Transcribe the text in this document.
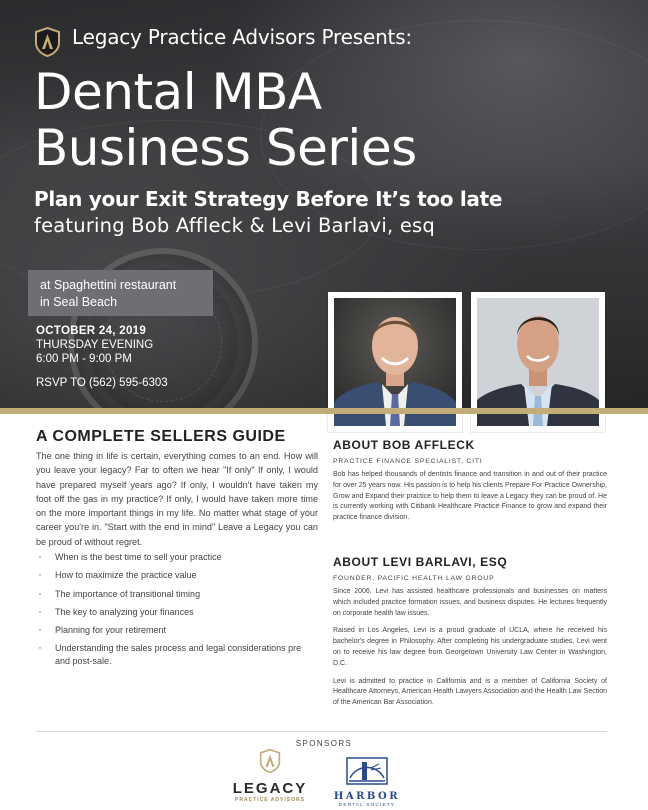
Legacy Practice Advisors Presents:
Dental MBA
Business Series
Plan your Exit Strategy Before It’s too late
featuring Bob Affleck & Levi Barlavi, esq
at Spaghettini restaurant
in Seal Beach
OCTOBER 24, 2019
THURSDAY EVENING
6:00 PM - 9:00 PM
RSVP TO (562) 595-6303
A COMPLETE SELLERS GUIDE
The one thing in life is certain, everything comes to an end. How will you leave your legacy? Far to often we hear "If only" If only, I would have prepared myself years ago? If only, I wouldn't have taken my foot off the gas in my practice? If only, I would have taken more time on the more important things in my life. No matter what stage of your career you're in. "Start with the end in mind" Leave a Legacy you can be proud of without regret.
· When is the best time to sell your practice
· How to maximize the practice value
· The importance of transitional timing
· The key to analyzing your finances
· Planning for your retirement
· Understanding the sales process and legal considerations pre and post-sale.
ABOUT BOB AFFLECK
PRACTICE FINANCE SPECIALIST, CITI

Bob has helped thousands of dentists finance and transition in and out of their practice for over 25 years now. His passion is to help his clients Prepare For Practice Ownership, Grow and Expand their practice to help them to leave a Legacy they can be proud of. He is currently working with Citibank Healthcare Practice Finance to grow and expand their practice finance division.

ABOUT LEVI BARLAVI, ESQ
FOUNDER, PACIFIC HEALTH LAW GROUP

Since 2006, Levi has assisted healthcare professionals and businesses on matters which included practice formation issues, and business disputes. He lectures frequently on corporate health law issues.

Raised in Los Angeles, Levi is a proud graduate of UCLA, where he received his bachelor's degree in Philosophy. After completing his undergraduate studies, Levi went on to receive his law degree from Georgetown University Law Center in Washington, D.C.

Levi is admitted to practice in California and is a member of California Society of Healthcare Attorneys, American Health Lawyers Association and the Health Law Section of the American Bar Association.

SPONSORS
LEGACY
PRACTICE ADVISORS	HARBOR
DENTAL SOCIETY
